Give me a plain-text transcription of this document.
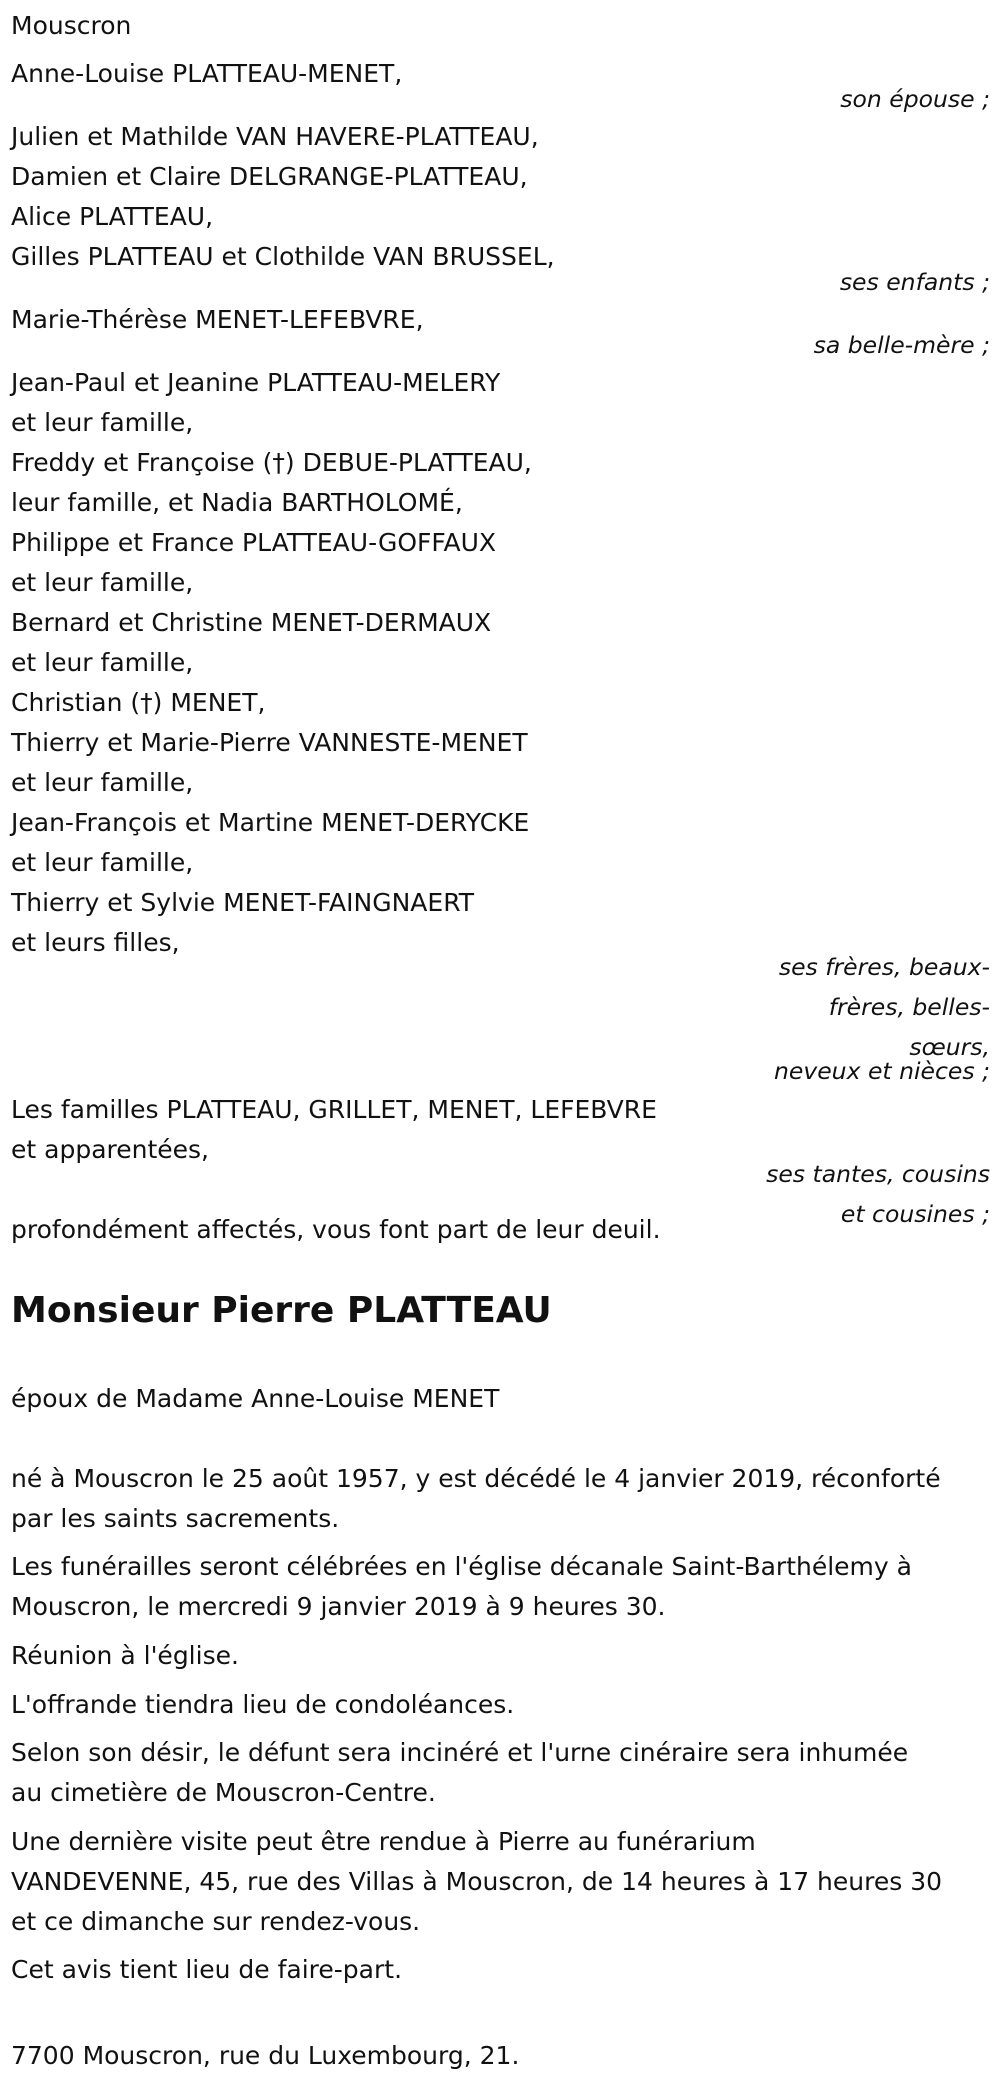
Mouscron

Anne-Louise PLATTEAU-MENET,

son épouse ;

Julien et Mathilde VAN HAVERE-PLATTEAU,

Damien et Claire DELGRANGE-PLATTEAU,

Alice PLATTEAU,

Gilles PLATTEAU et Clothilde VAN BRUSSEL,

ses enfants ;

Marie-Thérèse MENET-LEFEBVRE,

sa belle-mère ;

Jean-Paul et Jeanine PLATTEAU-MELERY

et leur famille,

Freddy et Françoise (†) DEBUE-PLATTEAU,

leur famille, et Nadia BARTHOLOMÉ,

Philippe et France PLATTEAU-GOFFAUX

et leur famille,

Bernard et Christine MENET-DERMAUX

et leur famille,

Christian (†) MENET,

Thierry et Marie-Pierre VANNESTE-MENET

et leur famille,

Jean-François et Martine MENET-DERYCKE

et leur famille,

Thierry et Sylvie MENET-FAINGNAERT

et leurs filles,

ses frères, beaux-

frères, belles-

sœurs,

neveux et nièces ;

Les familles PLATTEAU, GRILLET, MENET, LEFEBVRE

et apparentées,

ses tantes, cousins

et cousines ;

profondément affectés, vous font part de leur deuil.

Monsieur Pierre PLATTEAU

époux de Madame Anne-Louise MENET

né à Mouscron le 25 août 1957, y est décédé le 4 janvier 2019, réconforté

par les saints sacrements.

Les funérailles seront célébrées en l'église décanale Saint-Barthélemy à

Mouscron, le mercredi 9 janvier 2019 à 9 heures 30.

Réunion à l'église.

L'offrande tiendra lieu de condoléances.

Selon son désir, le défunt sera incinéré et l'urne cinéraire sera inhumée

au cimetière de Mouscron-Centre.

Une dernière visite peut être rendue à Pierre au funérarium

VANDEVENNE, 45, rue des Villas à Mouscron, de 14 heures à 17 heures 30

et ce dimanche sur rendez-vous.

Cet avis tient lieu de faire-part.

7700 Mouscron, rue du Luxembourg, 21.
